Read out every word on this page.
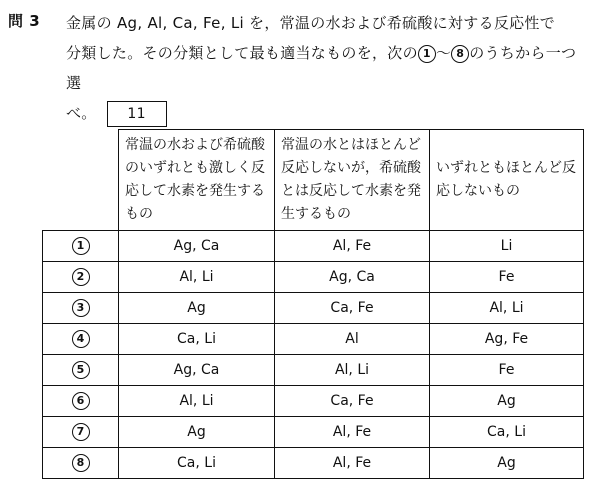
問 3 金属の Ag, Al, Ca, Fe, Li を，常温の水および希硫酸に対する反応性で
分類した。その分類として最も適当なものを，次の 1 〜 8 のうちから一つ選
べ。 11
	常温の水および希硫酸のいずれとも激しく反応して水素を発生するもの	常温の水とはほとんど反応しないが，希硫酸とは反応して水素を発生するもの	いずれともほとんど反応しないもの
1	Ag, Ca	Al, Fe	Li
2	Al, Li	Ag, Ca	Fe
3	Ag	Ca, Fe	Al, Li
4	Ca, Li	Al	Ag, Fe
5	Ag, Ca	Al, Li	Fe
6	Al, Li	Ca, Fe	Ag
7	Ag	Al, Fe	Ca, Li
8	Ca, Li	Al, Fe	Ag
